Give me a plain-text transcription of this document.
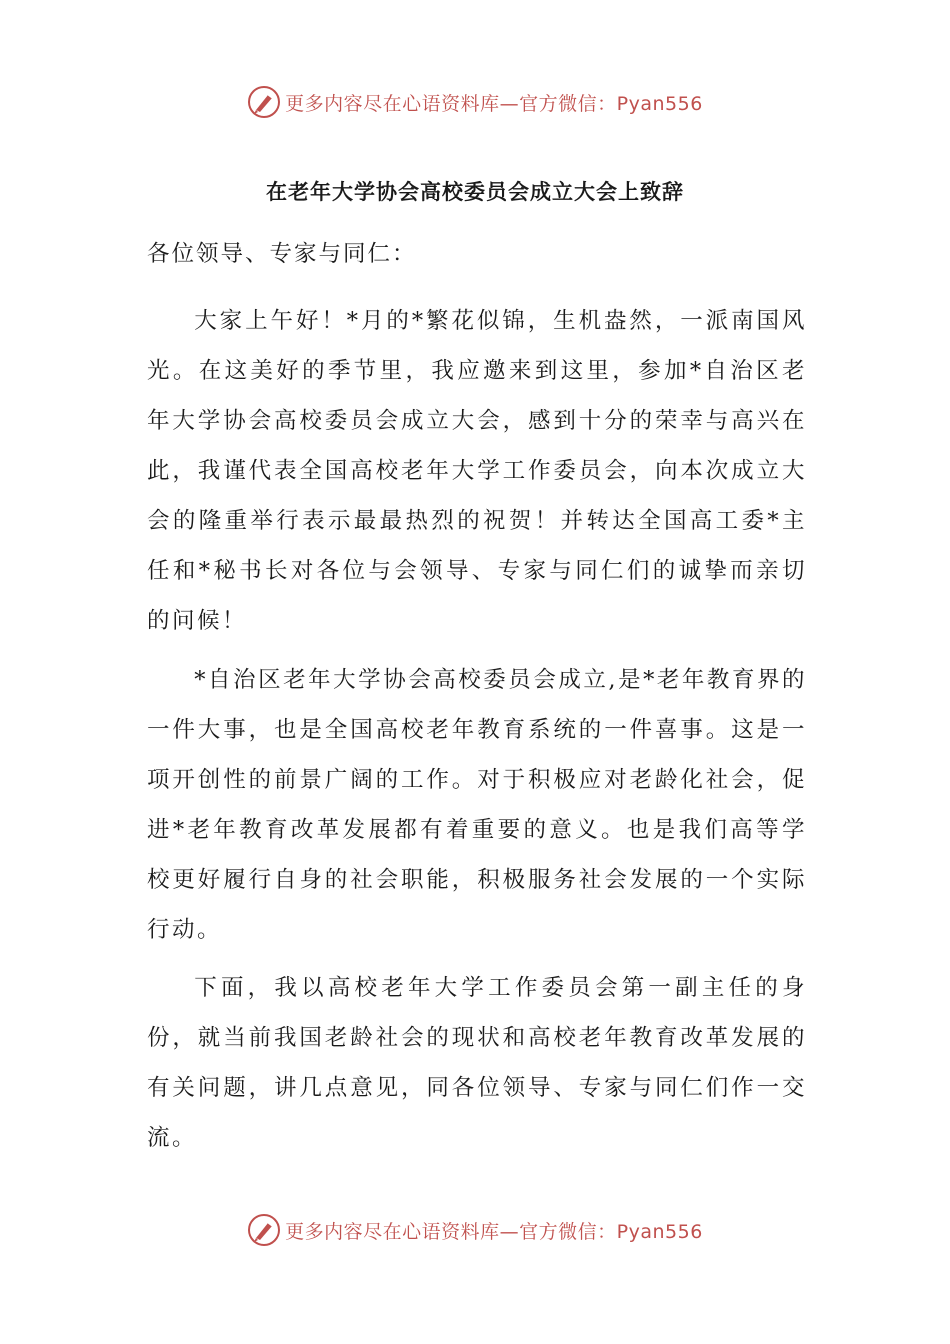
更多内容尽在心语资料库—官方微信：Pyan556
在老年大学协会高校委员会成立大会上致辞

各位领导、专家与同仁：

大家上午好！*月的*繁花似锦，生机盎然，一派南国风光。在这美好的季节里，我应邀来到这里，参加*自治区老年大学协会高校委员会成立大会，感到十分的荣幸与高兴在此，我谨代表全国高校老年大学工作委员会，向本次成立大会的隆重举行表示最最热烈的祝贺！并转达全国高工委*主任和*秘书长对各位与会领导、专家与同仁们的诚挚而亲切的问候！

*自治区老年大学协会高校委员会成立,是*老年教育界的一件大事，也是全国高校老年教育系统的一件喜事。这是一项开创性的前景广阔的工作。对于积极应对老龄化社会，促进*老年教育改革发展都有着重要的意义。也是我们高等学校更好履行自身的社会职能，积极服务社会发展的一个实际行动。

下面，我以高校老年大学工作委员会第一副主任的身份，就当前我国老龄社会的现状和高校老年教育改革发展的有关问题，讲几点意见，同各位领导、专家与同仁们作一交流。

更多内容尽在心语资料库—官方微信：Pyan556
